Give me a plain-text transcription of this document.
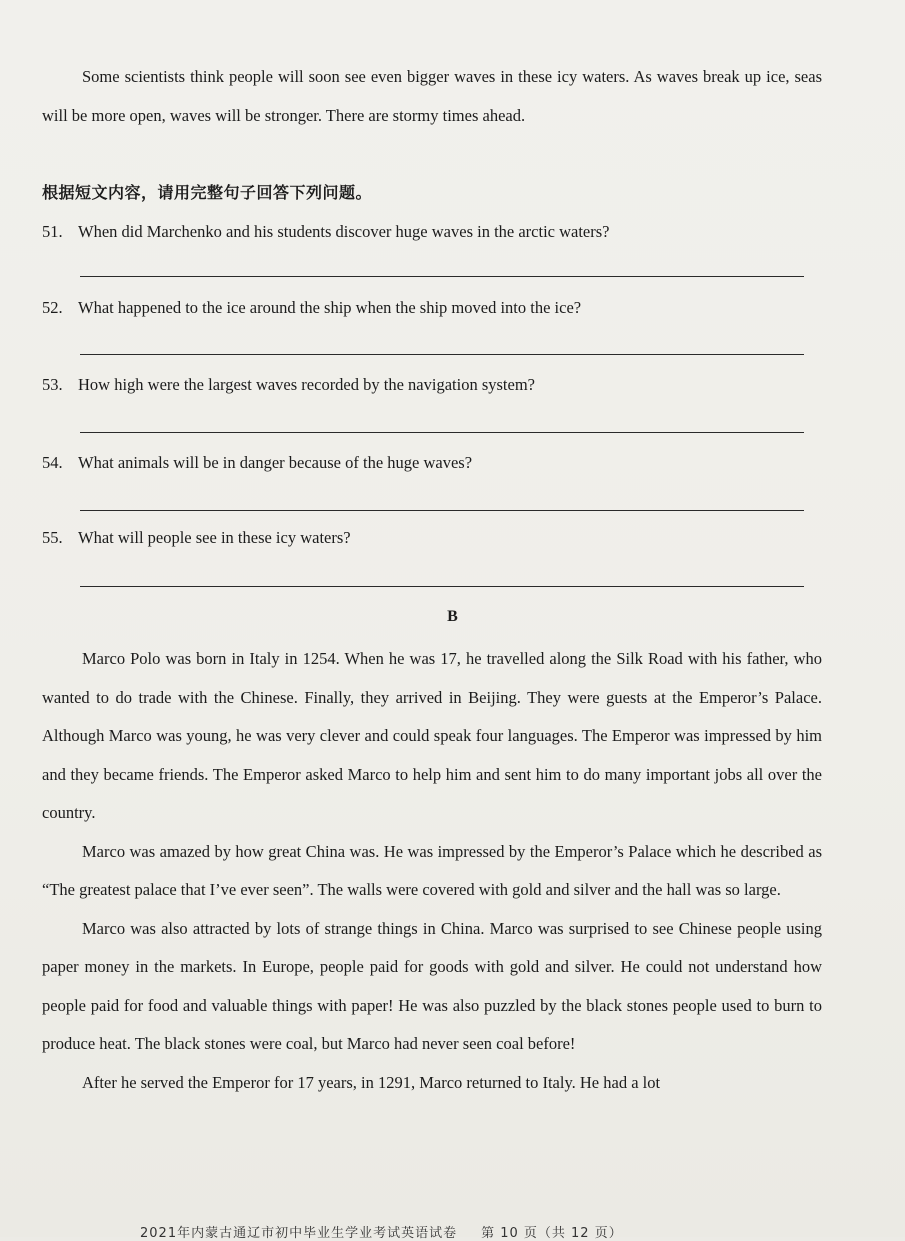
Some scientists think people will soon see even bigger waves in these icy waters. As waves break up ice, seas will be more open, waves will be stronger. There are stormy times ahead.

根据短文内容，请用完整句子回答下列问题。
51. When did Marchenko and his students discover huge waves in the arctic waters?
52. What happened to the ice around the ship when the ship moved into the ice?
53. How high were the largest waves recorded by the navigation system?
54. What animals will be in danger because of the huge waves?
55. What will people see in these icy waters?
B

Marco Polo was born in Italy in 1254. When he was 17, he travelled along the Silk Road with his father, who wanted to do trade with the Chinese. Finally, they arrived in Beijing. They were guests at the Emperor’s Palace. Although Marco was young, he was very clever and could speak four languages. The Emperor was impressed by him and they became friends. The Emperor asked Marco to help him and sent him to do many important jobs all over the country.

Marco was amazed by how great China was. He was impressed by the Emperor’s Palace which he described as “The greatest palace that I’ve ever seen”. The walls were covered with gold and silver and the hall was so large.

Marco was also attracted by lots of strange things in China. Marco was surprised to see Chinese people using paper money in the markets. In Europe, people paid for goods with gold and silver. He could not understand how people paid for food and valuable things with paper! He was also puzzled by the black stones people used to burn to produce heat. The black stones were coal, but Marco had never seen coal before!

After he served the Emperor for 17 years, in 1291, Marco returned to Italy. He had a lot

2021年内蒙古通辽市初中毕业生学业考试英语试卷 第 10 页（共 12 页）
